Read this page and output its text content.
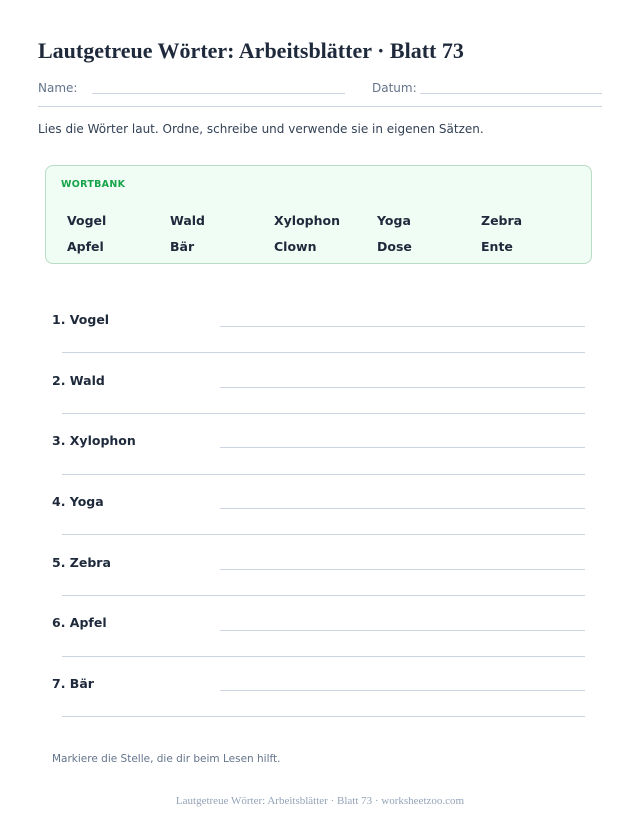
Lautgetreue Wörter: Arbeitsblätter · Blatt 73
Name:	Datum:
Lies die Wörter laut. Ordne, schreibe und verwende sie in eigenen Sätzen.
WORTBANK
Vogel	Wald	Xylophon	Yoga	Zebra
Apfel	Bär	Clown	Dose	Ente
1. Vogel
2. Wald
3. Xylophon
4. Yoga
5. Zebra
6. Apfel
7. Bär
Markiere die Stelle, die dir beim Lesen hilft.
Lautgetreue Wörter: Arbeitsblätter · Blatt 73 · worksheetzoo.com
